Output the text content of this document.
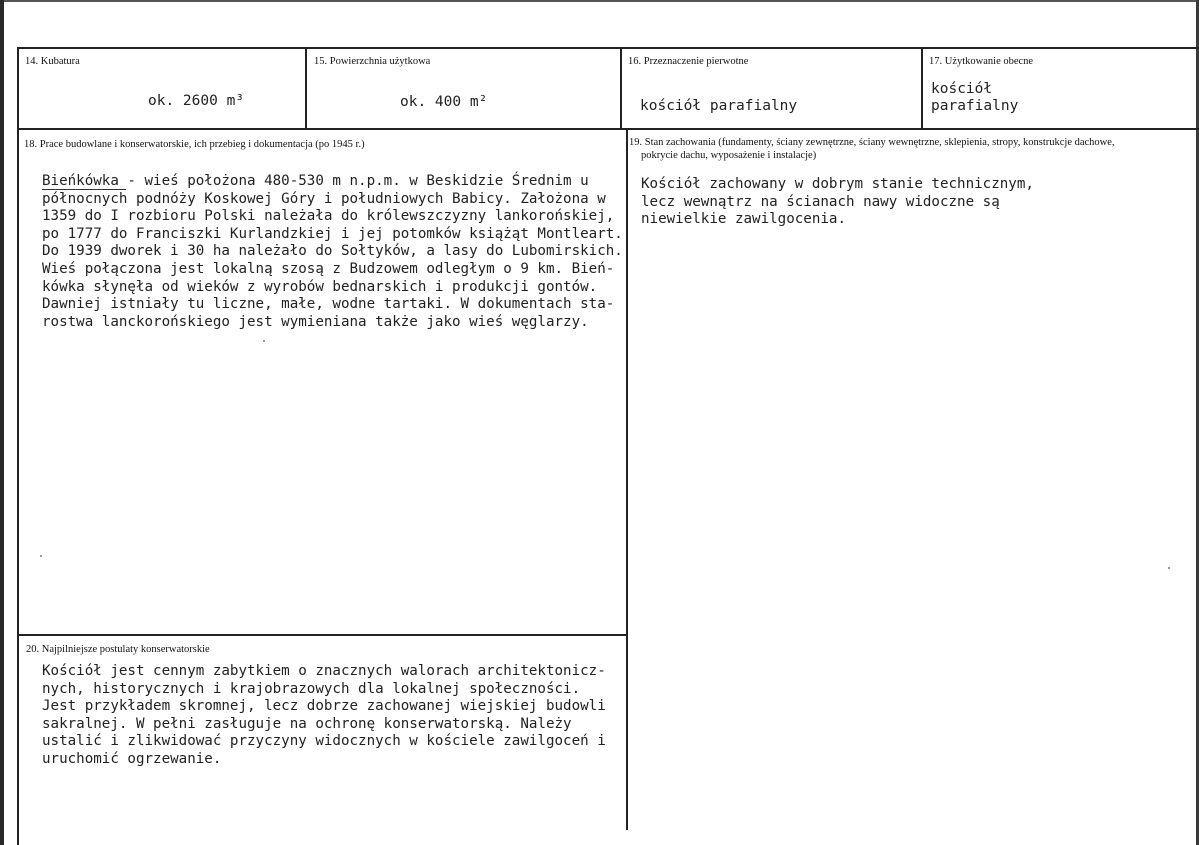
14. Kubatura
ok. 2600 m³
15. Powierzchnia użytkowa
ok. 400 m²
16. Przeznaczenie pierwotne
kościół parafialny
17. Użytkowanie obecne
kościół
parafialny
18. Prace budowlane i konserwatorskie, ich przebieg i dokumentacja (po 1945 r.)
Bieńkówka - wieś położona 480-530 m n.p.m. w Beskidzie Średnim u
północnych podnóży Koskowej Góry i południowych Babicy. Założona w
1359 do I rozbioru Polski należała do królewszczyzny lankorońskiej,
po 1777 do Franciszki Kurlandzkiej i jej potomków książąt Montleart.
Do 1939 dworek i 30 ha należało do Sołtyków, a lasy do Lubomirskich.
Wieś połączona jest lokalną szosą z Budzowem odległym o 9 km. Bień-
kówka słynęła od wieków z wyrobów bednarskich i produkcji gontów.
Dawniej istniały tu liczne, małe, wodne tartaki. W dokumentach sta-
rostwa lanckorońskiego jest wymieniana także jako wieś węglarzy.
19. Stan zachowania (fundamenty, ściany zewnętrzne, ściany wewnętrzne, sklepienia, stropy, konstrukcje dachowe,
pokrycie dachu, wyposażenie i instalacje)
Kościół zachowany w dobrym stanie technicznym,
lecz wewnątrz na ścianach nawy widoczne są
niewielkie zawilgocenia.
20. Najpilniejsze postulaty konserwatorskie
Kościół jest cennym zabytkiem o znacznych walorach architektonicz-
nych, historycznych i krajobrazowych dla lokalnej społeczności.
Jest przykładem skromnej, lecz dobrze zachowanej wiejskiej budowli
sakralnej. W pełni zasługuje na ochronę konserwatorską. Należy
ustalić i zlikwidować przyczyny widocznych w kościele zawilgoceń i
uruchomić ogrzewanie.
